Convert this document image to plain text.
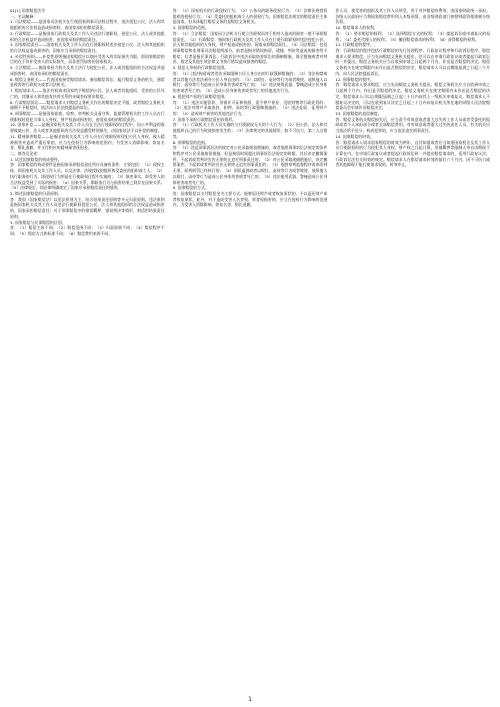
01[1] 国家赔偿法学

一、名词解释：

1. 司法赔偿——是国家司法机关在行使国家刑事司法权过程中，违法侵犯公民、法人和其他组织的合法权益造成损害时，由国家承担的赔偿责任。

2. 行政赔偿——是指国家行政机关及其工作人员违法行使职权，侵犯公民、法人或其他组织的合法权益并造成损害，由国家承担的赔偿责任。

3. 国家赔偿责任——国家机关及其工作人员在行使职权时违法侵犯公民、法人和其他组织的合法权益造成损害的，国家应当承担的赔偿责任。

4. 补偿性原则——补偿性原则指国家赔偿应以填补受害人的实际损失为限，即国家赔偿的目的在于弥补受害人的实际损失，而非惩罚加害的国家机关。

5. 立法赔偿——指国家权力机关及其立法行为侵犯公民、法人或其他组织的合法权益并造成损害时，由国家承担的赔偿责任。

6. 赔偿义务机关——代表国家接受赔偿请求、参加赔偿诉讼、履行赔偿义务的机关，通常是致害的行政机关或者司法机关。

7. 赔偿请求人——依法有权请求国家给予赔偿的公民、法人或者其他组织，受害的公民死亡的，其继承人和其他有扶养关系的亲属有权要求赔偿。

8. 行政赔偿诉讼——赔偿请求人对赔偿义务机关作出的赔偿决定不服，或者赔偿义务机关逾期不予赔偿时，依法向人民法院提起的诉讼。

9. 刑事赔偿——是指国家侦查、检察、审判机关及看守所、监狱管理机关的工作人员在行使职权时侵犯当事人人身权、财产权造成损害的，由国家承担的赔偿责任。

10. 国家补偿——是指国家机关及其工作人员在合法行使职权的过程中，因公共利益的需要致使公民、法人或者其他组织的合法权益遭受特别损失，由国家依法予以补偿的制度。

11. 精神损害赔偿——是指国家机关及其工作人员在行使职权时侵犯公民人身权，致人精神损害并造成严重后果的，应当在侵权行为影响的范围内，为受害人消除影响、恢复名誉、赔礼道歉，并支付相应的精神损害抚慰金。

二、简答及论述：

1. 试述国家赔偿的构成要件。

答：国家赔偿的构成要件是指国家承担赔偿责任所应具备的条件，主要包括：（1）侵权主体，即国家机关及其工作人员，以及法律、法规授权的组织和受委托的组织或个人；（2）执行职务的行为，即侵权行为须是在行使职权过程中实施的；（3）损害事实，即受害人的合法权益受到了实际的损害；（4）因果关系，即职务行为与损害结果之间存在因果关系；（5）法律规定，即法律明确规定了国家应承担赔偿责任的情形。

2. 简述国家赔偿的归责原则。

答：我国《国家赔偿法》以违法原则为主，结合结果责任原则等多元归责原则。违法原则是指国家机关及其工作人员违法行使职权侵犯公民、法人和其他组织的合法权益造成损害的，国家承担赔偿责任；对于刑事赔偿中的错误羁押、错误判决等情形，则适用结果责任原则。

3. 国家赔偿与民事赔偿的区别。

答：（1）赔偿主体不同；（2）赔偿范围不同；（3）归责原则不同；（4）赔偿程序不同；（5）赔偿方式和标准不同；（6）赔偿费用来源不同。

答：（1）国家机关的行政侵权行为；（2）公务员的职务侵权行为；（3）法律法规授权组织的侵权行为；（4）受委托的组织或个人的侵权行为。国家赔偿法规定的赔偿责任主体是国家，但具体履行赔偿义务的是赔偿义务机关。

4. 国家赔偿的范围。

答：（1）立法赔偿：国家因立法机关行使立法职权而对于相对人造成的损害一般不承担赔偿责任。（2）行政赔偿：指国家行政机关及其工作人员在行使行政职权时违法侵犯公民、法人和其他组织的人身权、财产权造成损害的，国家承担赔偿责任。（3）司法赔偿：包括刑事赔偿和非刑事司法赔偿两部分，前者是指对错误拘留、逮捕、判决等造成的损害给予赔偿；后者是指民事诉讼、行政诉讼中违法采取妨害诉讼的强制措施、保全措施或者对判决、裁定及其他生效法律文书执行错误造成损害的赔偿。

5. 侵犯人身权的行政赔偿范围。

答：（1）违法拘留或者违法采取限制公民人身自由的行政强制措施的；（2）非法拘禁或者以其他方法非法剥夺公民人身自由的；（3）以殴打、虐待等行为或者唆使、放纵他人以殴打、虐待等行为造成公民身体伤害或者死亡的；（4）违法使用武器、警械造成公民身体伤害或者死亡的；（5）造成公民身体伤害或者死亡的其他违法行为。

6. 侵犯财产权的行政赔偿范围。

答：（1）违法实施罚款、吊销许可证和执照、责令停产停业、没收财物等行政处罚的；（2）违法对财产采取查封、扣押、冻结等行政强制措施的；（3）违法征收、征用财产的；（4）造成财产损害的其他违法行为。

7. 国家不承担行政赔偿责任的情形。

答：（1）行政机关工作人员实施的与行使职权无关的个人行为；（2）因公民、法人和其他组织自己的行为致使损害发生的；（3）法律规定的其他情形，如不可抗力、第三人过错等。

8. 刑事赔偿的范围。

答：（1）违反刑事诉讼法的规定对公民采取拘留措施的，或者依照刑事诉讼法规定的条件和程序对公民采取拘留措施，但是拘留时间超过刑事诉讼法规定的时限，其后决定撤销案件、不起诉或者判决宣告无罪终止追究刑事责任的；（2）对公民采取逮捕措施后，决定撤销案件、不起诉或者判决宣告无罪终止追究刑事责任的；（3）依照审判监督程序再审改判无罪，原判刑罚已经执行的；（4）刑讯逼供或者以殴打、虐待等行为或者唆使、放纵他人以殴打、虐待等行为造成公民身体伤害或者死亡的；（5）违法使用武器、警械造成公民身体伤害或者死亡的。

9. 国家赔偿的方式。

答：国家赔偿以支付赔偿金为主要方式。能够返还财产或者恢复原状的，予以返还财产或者恢复原状。此外，对于造成受害人名誉权、荣誉权损害的，应当在侵权行为影响的范围内，为受害人消除影响、恢复名誉、赔礼道歉。

作人员，使受害的组织及其工作人员所受、用于对外赔偿的费用，由国家财政统一承担。各级人民政府应当将国家赔偿费用列入本级预算，由各级财政部门按照财政管理体制分级负担。

10. 赔偿请求人的权利。

答：（1）要求赔偿的权利；（2）选择赔偿方式的权利；（3）提起诉讼或申请复议的权利；（4）委托代理人的权利；（5）撤回赔偿请求的权利；（6）获得赔偿的权利。

11. 行政赔偿的程序。

答：行政赔偿的程序包括行政赔偿的先行处理程序、行政复议程序和行政诉讼程序。赔偿请求人要求赔偿，应当先向赔偿义务机关提出，也可以在申请行政复议或者提起行政诉讼时一并提出。赔偿义务机关应当自收到申请之日起两个月内，作出是否赔偿的决定。赔偿义务机关在规定期限内未作出是否赔偿的决定，赔偿请求人可以自期限届满之日起三个月内，向人民法院提起诉讼。

12. 刑事赔偿的程序。

答：赔偿请求人要求赔偿，应当先向赔偿义务机关提出。赔偿义务机关应当自收到申请之日起两个月内，作出是否赔偿的决定。赔偿义务机关在规定期限内未作出是否赔偿的决定，赔偿请求人可以自期限届满之日起三十日内向其上一级机关申请复议。赔偿请求人不服复议决定的，可以在收到复议决定之日起三十日内向复议机关所在地的同级人民法院赔偿委员会申请作出赔偿决定。

13. 国家赔偿的追偿制度。

答：赔偿义务机关赔偿损失后，应当责令有故意或者重大过失的工作人员或者受委托的组织或者个人承担部分或者全部赔偿费用。对有故意或者重大过失的责任人员，有关机关应当依法给予处分；构成犯罪的，应当依法追究刑事责任。

14. 国家赔偿的时效。

答：赔偿请求人请求国家赔偿的时效为两年，自其知道或者应当知道国家机关及其工作人员行使职权时的行为侵犯其人身权、财产权之日起计算，但被羁押等限制人身自由期间不计算在内。在申请行政复议或者提起行政诉讼时一并提出赔偿请求的，适用行政复议法、行政诉讼法有关时效的规定。赔偿请求人在赔偿请求时效的最后六个月内，因不可抗力或者其他障碍不能行使请求权的，时效中止。

1
